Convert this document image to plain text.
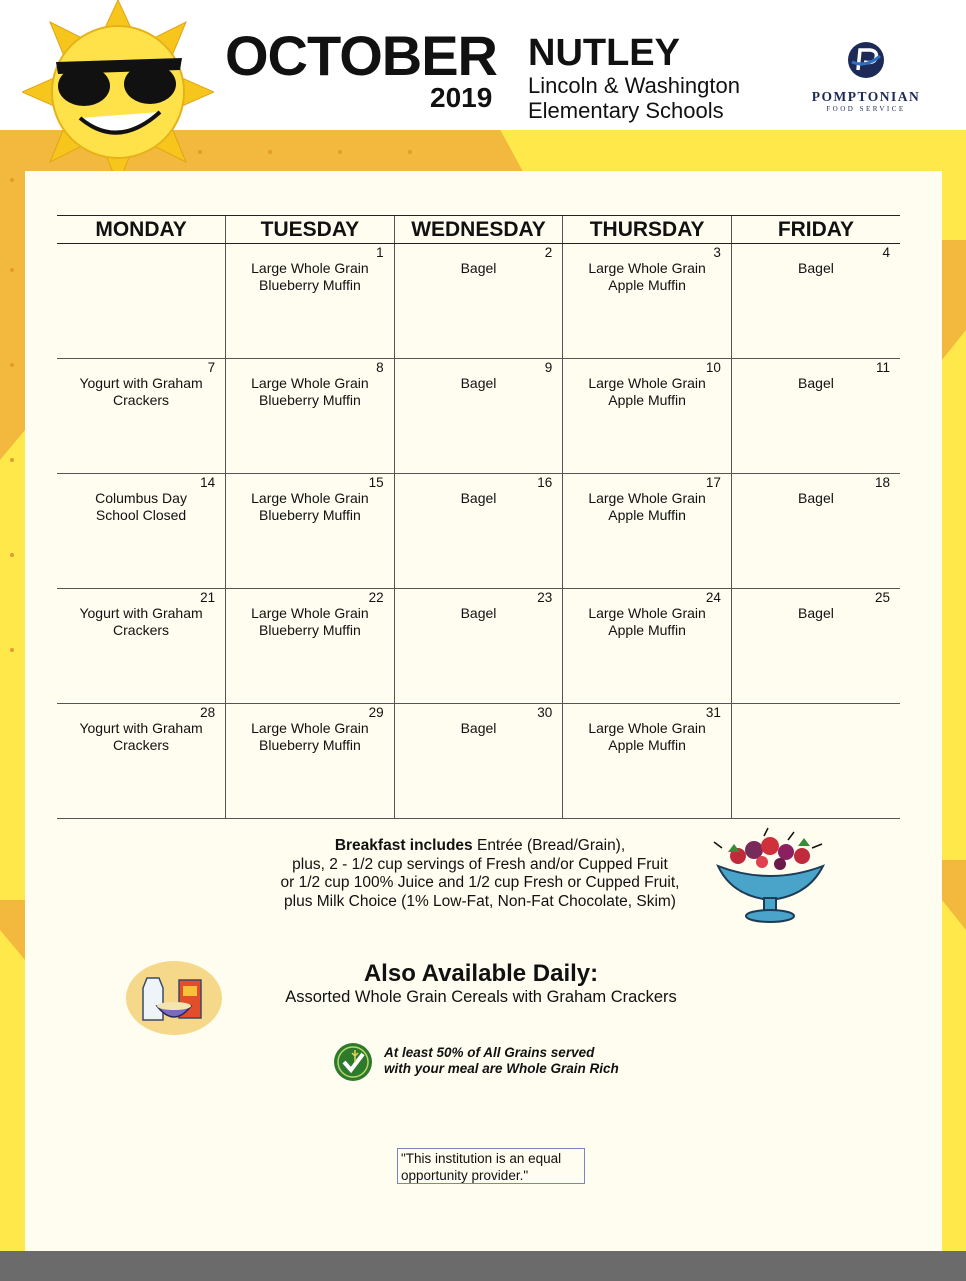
OCTOBER
2019
NUTLEY
Lincoln & Washington
Elementary Schools
POMPTONIAN
FOOD SERVICE
MONDAY	TUESDAY	WEDNESDAY	THURSDAY	FRIDAY

	1
Large Whole Grain
Blueberry Muffin	2
Bagel	3
Large Whole Grain
Apple Muffin	4
Bagel

7
Yogurt with Graham
Crackers	8
Large Whole Grain
Blueberry Muffin	9
Bagel	10
Large Whole Grain
Apple Muffin	11
Bagel

14
Columbus Day
School Closed	15
Large Whole Grain
Blueberry Muffin	16
Bagel	17
Large Whole Grain
Apple Muffin	18
Bagel

21
Yogurt with Graham
Crackers	22
Large Whole Grain
Blueberry Muffin	23
Bagel	24
Large Whole Grain
Apple Muffin	25
Bagel

28
Yogurt with Graham
Crackers	29
Large Whole Grain
Blueberry Muffin	30
Bagel	31
Large Whole Grain
Apple Muffin	

Breakfast includes Entrée (Bread/Grain),
plus, 2 - 1/2 cup servings of Fresh and/or Cupped Fruit
or 1/2 cup 100% Juice and 1/2 cup Fresh or Cupped Fruit,
plus Milk Choice (1% Low-Fat, Non-Fat Chocolate, Skim)
Also Available Daily:
Assorted Whole Grain Cereals with Graham Crackers
At least 50% of All Grains served
with your meal are Whole Grain Rich
"This institution is an equal
opportunity provider."
